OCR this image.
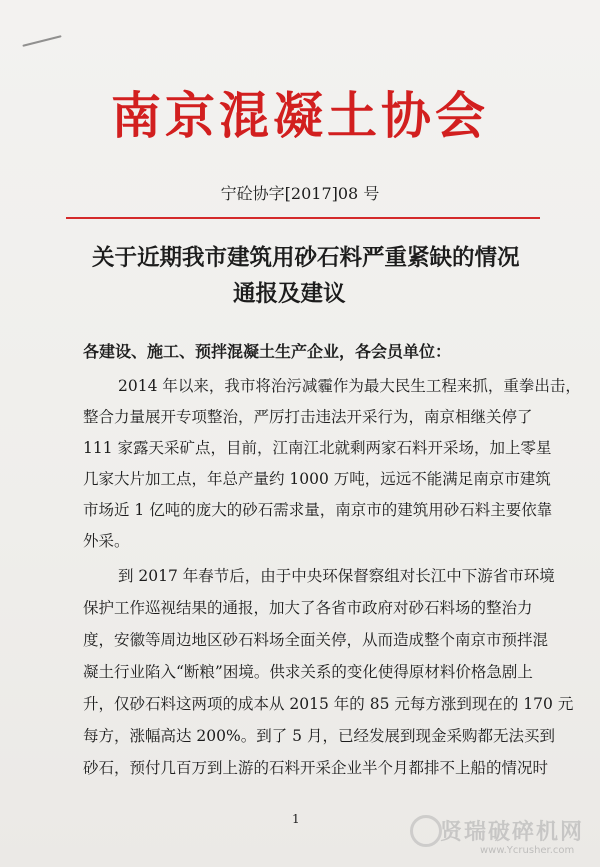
南京混凝土协会
宁砼协字[2017]08 号
关于近期我市建筑用砂石料严重紧缺的情况
通报及建议
各建设、施工、预拌混凝土生产企业，各会员单位：
2014 年以来，我市将治污减霾作为最大民生工程来抓，重拳出击，
整合力量展开专项整治，严厉打击违法开采行为，南京相继关停了
111 家露天采矿点，目前，江南江北就剩两家石料开采场，加上零星
几家大片加工点，年总产量约 1000 万吨，远远不能满足南京市建筑
市场近 1 亿吨的庞大的砂石需求量，南京市的建筑用砂石料主要依靠
外采。
到 2017 年春节后，由于中央环保督察组对长江中下游省市环境
保护工作巡视结果的通报，加大了各省市政府对砂石料场的整治力
度，安徽等周边地区砂石料场全面关停，从而造成整个南京市预拌混
凝土行业陷入“断粮”困境。供求关系的变化使得原材料价格急剧上
升，仅砂石料这两项的成本从 2015 年的 85 元每方涨到现在的 170 元
每方，涨幅高达 200%。到了 5 月，已经发展到现金采购都无法买到
砂石，预付几百万到上游的石料开采企业半个月都排不上船的情况时
1
贤瑞破碎机网
www.Ycrusher.com
